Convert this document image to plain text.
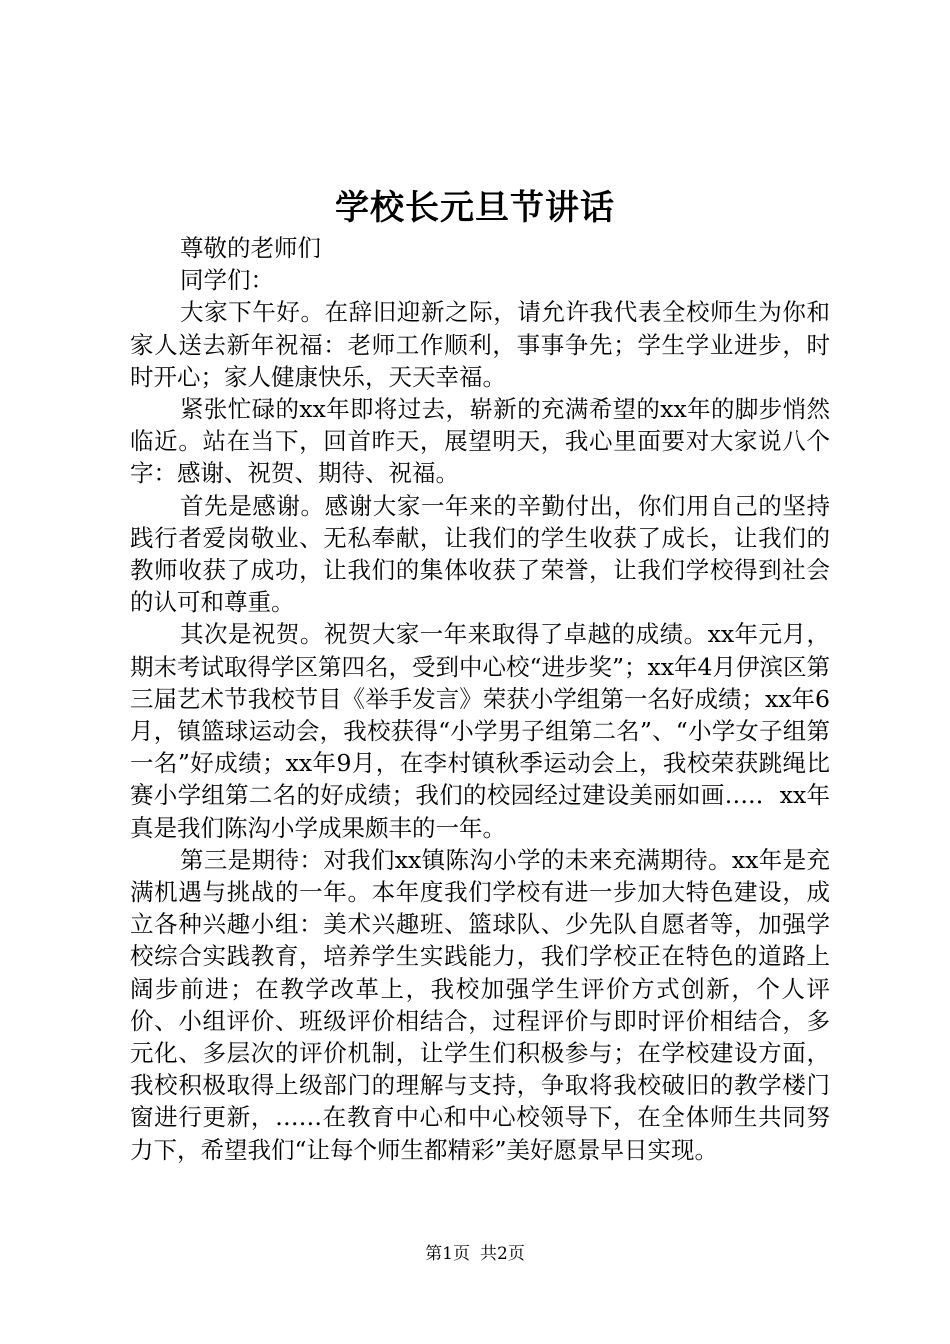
学校长元旦节讲话

尊敬的老师们

同学们：

大家下午好。在辞旧迎新之际，请允许我代表全校师生为你和家人送去新年祝福：老师工作顺利，事事争先；学生学业进步，时时开心；家人健康快乐，天天幸福。

紧张忙碌的xx年即将过去，崭新的充满希望的xx年的脚步悄然临近。站在当下，回首昨天，展望明天，我心里面要对大家说八个字：感谢、祝贺、期待、祝福。

首先是感谢。感谢大家一年来的辛勤付出，你们用自己的坚持践行者爱岗敬业、无私奉献，让我们的学生收获了成长，让我们的教师收获了成功，让我们的集体收获了荣誉，让我们学校得到社会的认可和尊重。

其次是祝贺。祝贺大家一年来取得了卓越的成绩。xx年元月，期末考试取得学区第四名，受到中心校“进步奖”；xx年4月伊滨区第三届艺术节我校节目《举手发言》荣获小学组第一名好成绩；xx年6月，镇篮球运动会，我校获得“小学男子组第二名”、“小学女子组第一名”好成绩；xx年9月，在李村镇秋季运动会上，我校荣获跳绳比赛小学组第二名的好成绩；我们的校园经过建设美丽如画….．xx年真是我们陈沟小学成果颇丰的一年。

第三是期待：对我们xx镇陈沟小学的未来充满期待。xx年是充满机遇与挑战的一年。本年度我们学校有进一步加大特色建设，成立各种兴趣小组：美术兴趣班、篮球队、少先队自愿者等，加强学校综合实践教育，培养学生实践能力，我们学校正在特色的道路上阔步前进；在教学改革上，我校加强学生评价方式创新，个人评价、小组评价、班级评价相结合，过程评价与即时评价相结合，多元化、多层次的评价机制，让学生们积极参与；在学校建设方面，我校积极取得上级部门的理解与支持，争取将我校破旧的教学楼门窗进行更新，……在教育中心和中心校领导下，在全体师生共同努力下，希望我们“让每个师生都精彩”美好愿景早日实现。

第1页 共2页
